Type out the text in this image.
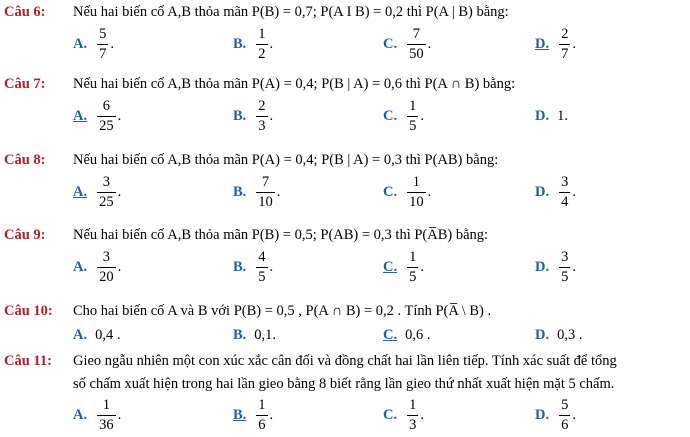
Câu 6: Nếu hai biến cố A,B thỏa mãn P(B) = 0,7; P(A I B) = 0,2 thì P(A | B) bằng:
A. $\frac{5}{7}$ .	B. $\frac{1}{2}$ .	C. $\frac{7}{50}$ .	D. $\frac{2}{7}$ .
Câu 7: Nếu hai biến cố A,B thỏa mãn P(A) = 0,4; P(B | A) = 0,6 thì P(A ∩ B) bằng:
A. $\frac{6}{25}$ .	B. $\frac{2}{3}$ .	C. $\frac{1}{5}$ .	D. 1.
Câu 8: Nếu hai biến cố A,B thỏa mãn P(A) = 0,4; P(B | A) = 0,3 thì P(AB) bằng:
A. $\frac{3}{25}$ .	B. $\frac{7}{10}$ .	C. $\frac{1}{10}$ .	D. $\frac{3}{4}$ .
Câu 9: Nếu hai biến cố A,B thỏa mãn P(B) = 0,5; P(AB) = 0,3 thì P(A̅B) bằng:
A. $\frac{3}{20}$ .	B. $\frac{4}{5}$ .	C. $\frac{1}{5}$ .	D. $\frac{3}{5}$ .
Câu 10: Cho hai biến cố A và B với P(B) = 0,5 , P(A ∩ B) = 0,2 . Tính P(A̅ \ B) .
A. 0,4 .	B. 0,1.	C. 0,6 .	D. 0,3 .
Câu 11: Gieo ngẫu nhiên một con xúc xắc cân đối và đồng chất hai lần liên tiếp. Tính xác suất để tổng
số chấm xuất hiện trong hai lần gieo bằng 8 biết rằng lần gieo thứ nhất xuất hiện mặt 5 chấm.
A. $\frac{1}{36}$ .	B. $\frac{1}{6}$ .	C. $\frac{1}{3}$ .	D. $\frac{5}{6}$ .
